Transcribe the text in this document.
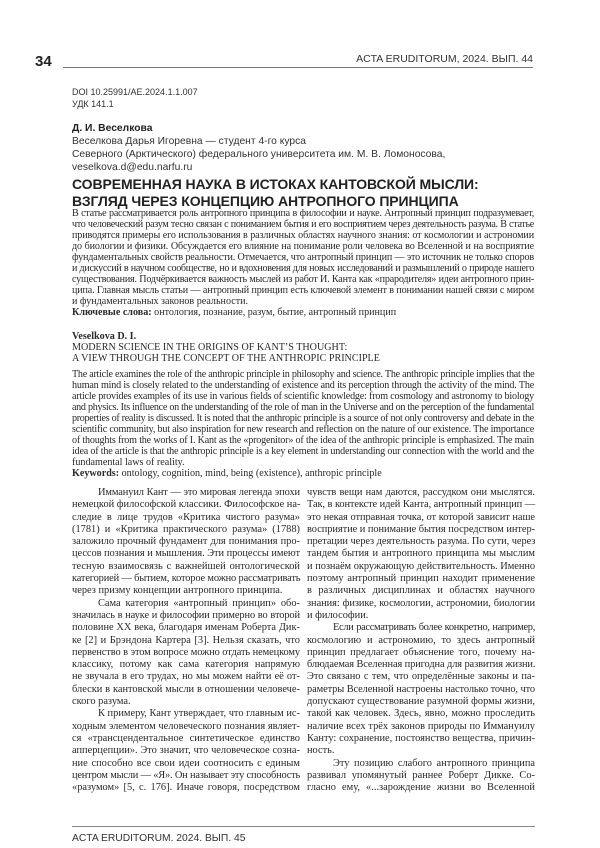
34	ACTA ERUDITORUM, 2024. ВЫП. 44
DOI 10.25991/AE.2024.1.1.007
УДК 141.1
Д. И. Веселкова
Веселкова Дарья Игоревна — студент 4-го курса
Северного (Арктического) федерального университета им. М. В. Ломоносова,
veselkova.d@edu.narfu.ru
СОВРЕМЕННАЯ НАУКА В ИСТОКАХ КАНТОВСКОЙ МЫСЛИ:
ВЗГЛЯД ЧЕРЕЗ КОНЦЕПЦИЮ АНТРОПНОГО ПРИНЦИПА
В статье рассматривается роль антропного принципа в философии и науке. Антропный принцип подразумевает,
что человеческий разум тесно связан с пониманием бытия и его восприятием через деятельность разума. В статье
приводятся примеры его использования в различных областях научного знания: от космологии и астрономии
до биологии и физики. Обсуждается его влияние на понимание роли человека во Вселенной и на восприятие
фундаментальных свойств реальности. Отмечается, что антропный принцип — это источник не только споров
и дискуссий в научном сообществе, но и вдохновения для новых исследований и размышлений о природе нашего
существования. Подчёркивается важность мыслей из работ И. Канта как «прародителя» идеи антропного прин-
ципа. Главная мысль статьи — антропный принцип есть ключевой элемент в понимании нашей связи с миром
и фундаментальных законов реальности.
Ключевые слова: онтология, познание, разум, бытие, антропный принцип
Veselkova D. I.
MODERN SCIENCE IN THE ORIGINS OF KANT’S THOUGHT:
A VIEW THROUGH THE CONCEPT OF THE ANTHROPIC PRINCIPLE
The article examines the role of the anthropic principle in philosophy and science. The anthropic principle implies that the
human mind is closely related to the understanding of existence and its perception through the activity of the mind. The
article provides examples of its use in various fields of scientific knowledge: from cosmology and astronomy to biology
and physics. Its influence on the understanding of the role of man in the Universe and on the perception of the fundamental
properties of reality is discussed. It is noted that the anthropic principle is a source of not only controversy and debate in the
scientific community, but also inspiration for new research and reflection on the nature of our existence. The importance
of thoughts from the works of I. Kant as the «progenitor» of the idea of the anthropic principle is emphasized. The main
idea of the article is that the anthropic principle is a key element in understanding our connection with the world and the
fundamental laws of reality.
Keywords: ontology, cognition, mind, being (existence), anthropic principle
Иммануил Кант — это мировая легенда эпохи
немецкой философской классики. Философское на-
следие в лице трудов «Критика чистого разума»
(1781) и «Критика практического разума» (1788)
заложило прочный фундамент для понимания про-
цессов познания и мышления. Эти процессы имеют
тесную взаимосвязь с важнейшей онтологической
категорией — бытием, которое можно рассматривать
через призму концепции антропного принципа.
Сама категория «антропный принцип» обо-
значилась в науке и философии примерно во второй
половине XX века, благодаря именам Роберта Дик-
ке [2] и Брэндона Картера [3]. Нельзя сказать, что
первенство в этом вопросе можно отдать немецкому
классику, потому как сама категория напрямую
не звучала в его трудах, но мы можем найти её от-
блески в кантовской мысли в отношении человече-
ского разума.
К примеру, Кант утверждает, что главным ис-
ходным элементом человеческого познания являет-
ся «трансцендентальное синтетическое единство
апперцепции». Это значит, что человеческое созна-
ние способно все свои идеи соотносить с единым
центром мысли — «Я». Он называет эту способность
«разумом» [5, с. 176]. Иначе говоря, посредством
чувств вещи нам даются, рассудком они мыслятся.
Так, в контексте идей Канта, антропный принцип —
это некая отправная точка, от которой зависит наше
восприятие и понимание бытия посредством интер-
претации через деятельность разума. По сути, через
тандем бытия и антропного принципа мы мыслим
и познаём окружающую действительность. Именно
поэтому антропный принцип находит применение
в различных дисциплинах и областях научного
знания: физике, космологии, астрономии, биологии
и философии.
Если рассматривать более конкретно, например,
космологию и астрономию, то здесь антропный
принцип предлагает объяснение того, почему на-
блюдаемая Вселенная пригодна для развития жизни.
Это связано с тем, что определённые законы и па-
раметры Вселенной настроены настолько точно, что
допускают существование разумной формы жизни,
такой как человек. Здесь, явно, можно проследить
наличие всех трёх законов природы по Иммануилу
Канту: сохранение, постоянство вещества, причин-
ность.
Эту позицию слабого антропного принципа
развивал упомянутый раннее Роберт Дикке. Со-
гласно ему, «...зарождение жизни во Вселенной
ACTA ERUDITORUM. 2024. ВЫП. 45
